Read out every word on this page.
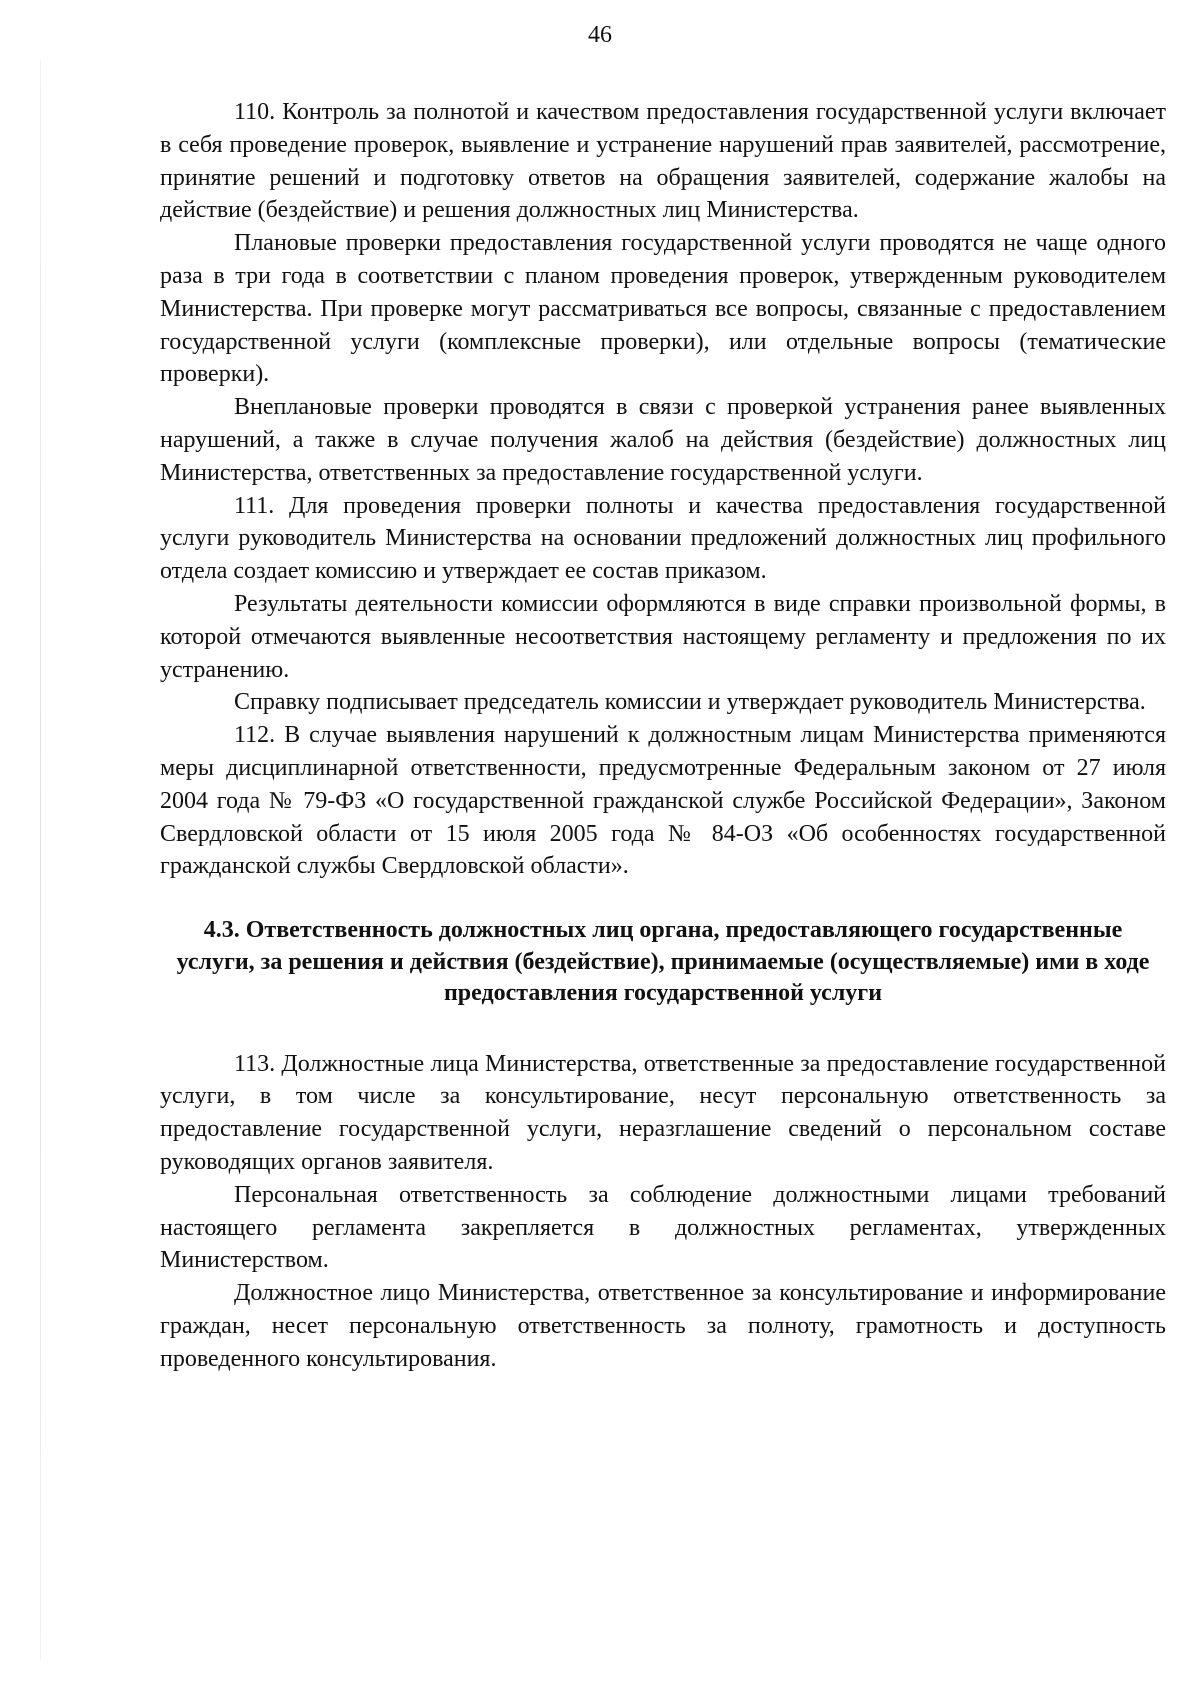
46

110. Контроль за полнотой и качеством предоставления государственной услуги включает в себя проведение проверок, выявление и устранение нарушений прав заявителей, рассмотрение, принятие решений и подготовку ответов на обращения заявителей, содержание жалобы на действие (бездействие) и решения должностных лиц Министерства.

Плановые проверки предоставления государственной услуги проводятся не чаще одного раза в три года в соответствии с планом проведения проверок, утвержденным руководителем Министерства. При проверке могут рассматриваться все вопросы, связанные с предоставлением государственной услуги (комплексные проверки), или отдельные вопросы (тематические проверки).

Внеплановые проверки проводятся в связи с проверкой устранения ранее выявленных нарушений, а также в случае получения жалоб на действия (бездействие) должностных лиц Министерства, ответственных за предоставление государственной услуги.

111. Для проведения проверки полноты и качества предоставления государственной услуги руководитель Министерства на основании предложений должностных лиц профильного отдела создает комиссию и утверждает ее состав приказом.

Результаты деятельности комиссии оформляются в виде справки произвольной формы, в которой отмечаются выявленные несоответствия настоящему регламенту и предложения по их устранению.

Справку подписывает председатель комиссии и утверждает руководитель Министерства.

112. В случае выявления нарушений к должностным лицам Министерства применяются меры дисциплинарной ответственности, предусмотренные Федеральным законом от 27 июля 2004 года № 79-ФЗ «О государственной гражданской службе Российской Федерации», Законом Свердловской области от 15 июля 2005 года № 84-ОЗ «Об особенностях государственной гражданской службы Свердловской области».

4.3. Ответственность должностных лиц органа, предоставляющего государственные услуги, за решения и действия (бездействие), принимаемые (осуществляемые) ими в ходе предоставления государственной услуги

113. Должностные лица Министерства, ответственные за предоставление государственной услуги, в том числе за консультирование, несут персональную ответственность за предоставление государственной услуги, неразглашение сведений о персональном составе руководящих органов заявителя.

Персональная ответственность за соблюдение должностными лицами требований настоящего регламента закрепляется в должностных регламентах, утвержденных Министерством.

Должностное лицо Министерства, ответственное за консультирование и информирование граждан, несет персональную ответственность за полноту, грамотность и доступность проведенного консультирования.
